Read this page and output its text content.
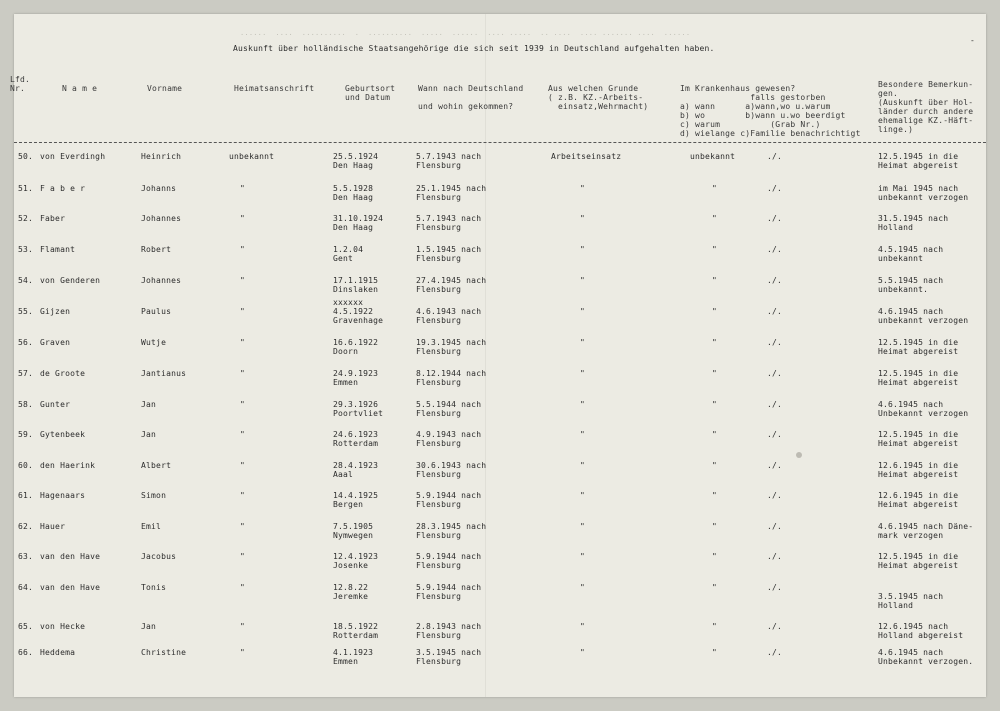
......  ....  ..........  .  ..........  .....  ......  .... .....  .. ....  .... ....... ....  ......
Auskunft über holländische Staatsangehörige die sich seit 1939 in Deutschland aufgehalten haben.
-
Lfd.
Nr.	N a m e	Vorname	Heimatsanschrift	Geburtsort
und Datum
Wann nach Deutschland

und wohin gekommen?
Aus welchen Grunde
( z.B. KZ.-Arbeits-
einsatz,Wehrmacht)
Im Krankenhaus gewesen?
falls gestorben
a) wann      a)wann,wo u.warum
b) wo        b)wann u.wo beerdigt
c) warum          (Grab Nr.)
d) wielange c)Familie benachrichtigt
Besondere Bemerkun-
gen.
(Auskunft über Hol-
länder durch andere
ehemalige KZ.-Häft-
linge.)
50. von Everdingh	Heinrich	unbekannt	25.5.1924
Den Haag
5.7.1943 nach
Flensburg
Arbeitseinsatz	unbekannt	./.	12.5.1945 in die
Heimat abgereist
51. F a b e r	Johanns	"	5.5.1928
Den Haag
25.1.1945 nach
Flensburg
"	"	./.	im Mai 1945 nach
unbekannt verzogen
52. Faber	Johannes	"	31.10.1924
Den Haag
5.7.1943 nach
Flensburg
"	"	./.	31.5.1945 nach
Holland
53. Flamant	Robert	"	1.2.04
Gent
1.5.1945 nach
Flensburg
"	"	./.	4.5.1945 nach
unbekannt
54. von Genderen	Johannes	"	17.1.1915
Dinslaken
27.4.1945 nach
Flensburg
"	"	./.	5.5.1945 nach
unbekannt.
55. Gijzen	Paulus	"
xxxxxx
4.5.1922
Gravenhage
4.6.1943 nach
Flensburg
"	"	./.	4.6.1945 nach
unbekannt verzogen
56. Graven	Wutje	"	16.6.1922
Doorn
19.3.1945 nach
Flensburg
"	"	./.	12.5.1945 in die
Heimat abgereist
57. de Groote	Jantianus	"	24.9.1923
Emmen
8.12.1944 nach
Flensburg
"	"	./.	12.5.1945 in die
Heimat abgereist
58. Gunter	Jan	"	29.3.1926
Poortvliet
5.5.1944 nach
Flensburg
"	"	./.	4.6.1945 nach
Unbekannt verzogen
59. Gytenbeek	Jan	"	24.6.1923
Rotterdam
4.9.1943 nach
Flensburg
"	"	./.	12.5.1945 in die
Heimat abgereist
60. den Haerink	Albert	"	28.4.1923
Aaal
30.6.1943 nach
Flensburg
"	"	./.	12.6.1945 in die
Heimat abgereist
61. Hagenaars	Simon	"	14.4.1925
Bergen
5.9.1944 nach
Flensburg
"	"	./.	12.6.1945 in die
Heimat abgereist
62. Hauer	Emil	"	7.5.1905
Nymwegen
28.3.1945 nach
Flensburg
"	"	./.	4.6.1945 nach Däne-
mark verzogen
63. van den Have	Jacobus	"	12.4.1923
Josenke
5.9.1944 nach
Flensburg
"	"	./.	12.5.1945 in die
Heimat abgereist
64. van den Have	Tonis	"	12.8.22
Jeremke
5.9.1944 nach
Flensburg
"	"	./.

3.5.1945 nach
Holland
65. von Hecke	Jan	"	18.5.1922
Rotterdam
2.8.1943 nach
Flensburg
"	"	./.	12.6.1945 nach
Holland abgereist
66. Heddema	Christine	"	4.1.1923
Emmen
3.5.1945 nach
Flensburg
"	"	./.	4.6.1945 nach
Unbekannt verzogen.
